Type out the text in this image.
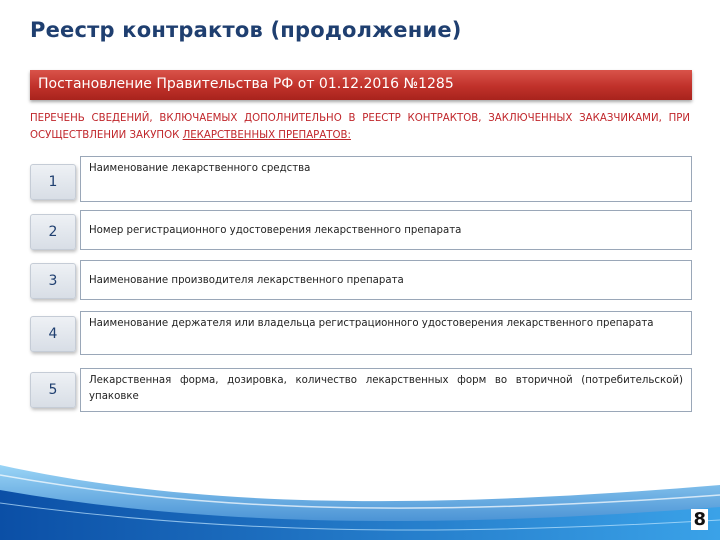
Реестр контрактов (продолжение)
Постановление Правительства РФ от 01.12.2016 №1285
ПЕРЕЧЕНЬ СВЕДЕНИЙ, ВКЛЮЧАЕМЫХ ДОПОЛНИТЕЛЬНО В РЕЕСТР КОНТРАКТОВ, ЗАКЛЮЧЕННЫХ ЗАКАЗЧИКАМИ, ПРИ ОСУЩЕСТВЛЕНИИ ЗАКУПОК ЛЕКАРСТВЕННЫХ ПРЕПАРАТОВ:
1
Наименование лекарственного средства
2	Номер регистрационного удостоверения лекарственного препарата
3	Наименование производителя лекарственного препарата
4
Наименование держателя или владельца регистрационного удостоверения лекарственного препарата
5
Лекарственная форма, дозировка, количество лекарственных форм во вторичной (потребительской) упаковке
8
